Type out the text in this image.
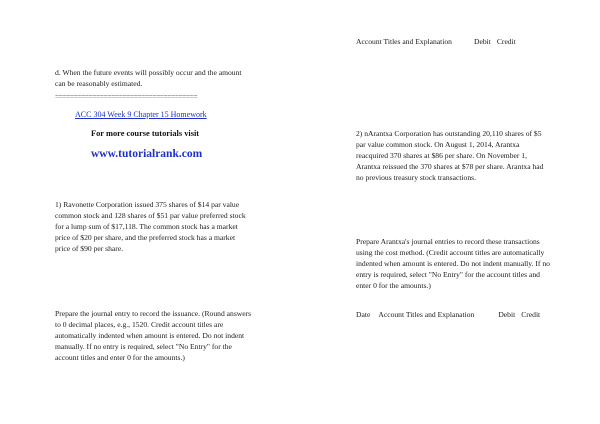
Account Titles and Explanation	Debit Credit
d. When the future events will possibly occur and the amount
can be reasonably estimated.
======================================
ACC 304 Week 9 Chapter 15 Homework
For more course tutorials visit
www.tutorialrank.com
2) nArantxa Corporation has outstanding 20,110 shares of $5
par value common stock. On August 1, 2014, Arantxa
reacquired 370 shares at $86 per share. On November 1,
Arantxa reissued the 370 shares at $78 per share. Arantxa had
no previous treasury stock transactions.
1) Ravonette Corporation issued 375 shares of $14 par value
common stock and 128 shares of $51 par value preferred stock
for a lump sum of $17,118. The common stock has a market
price of $20 per share, and the preferred stock has a market
price of $90 per share.
Prepare Arantxa's journal entries to record these transactions
using the cost method. (Credit account titles are automatically
indented when amount is entered. Do not indent manually. If no
entry is required, select "No Entry" for the account titles and
enter 0 for the amounts.)
Prepare the journal entry to record the issuance. (Round answers
to 0 decimal places, e.g., 1520. Credit account titles are
automatically indented when amount is entered. Do not indent
manually. If no entry is required, select "No Entry" for the
account titles and enter 0 for the amounts.)
Date Account Titles and Explanation	Debit Credit
